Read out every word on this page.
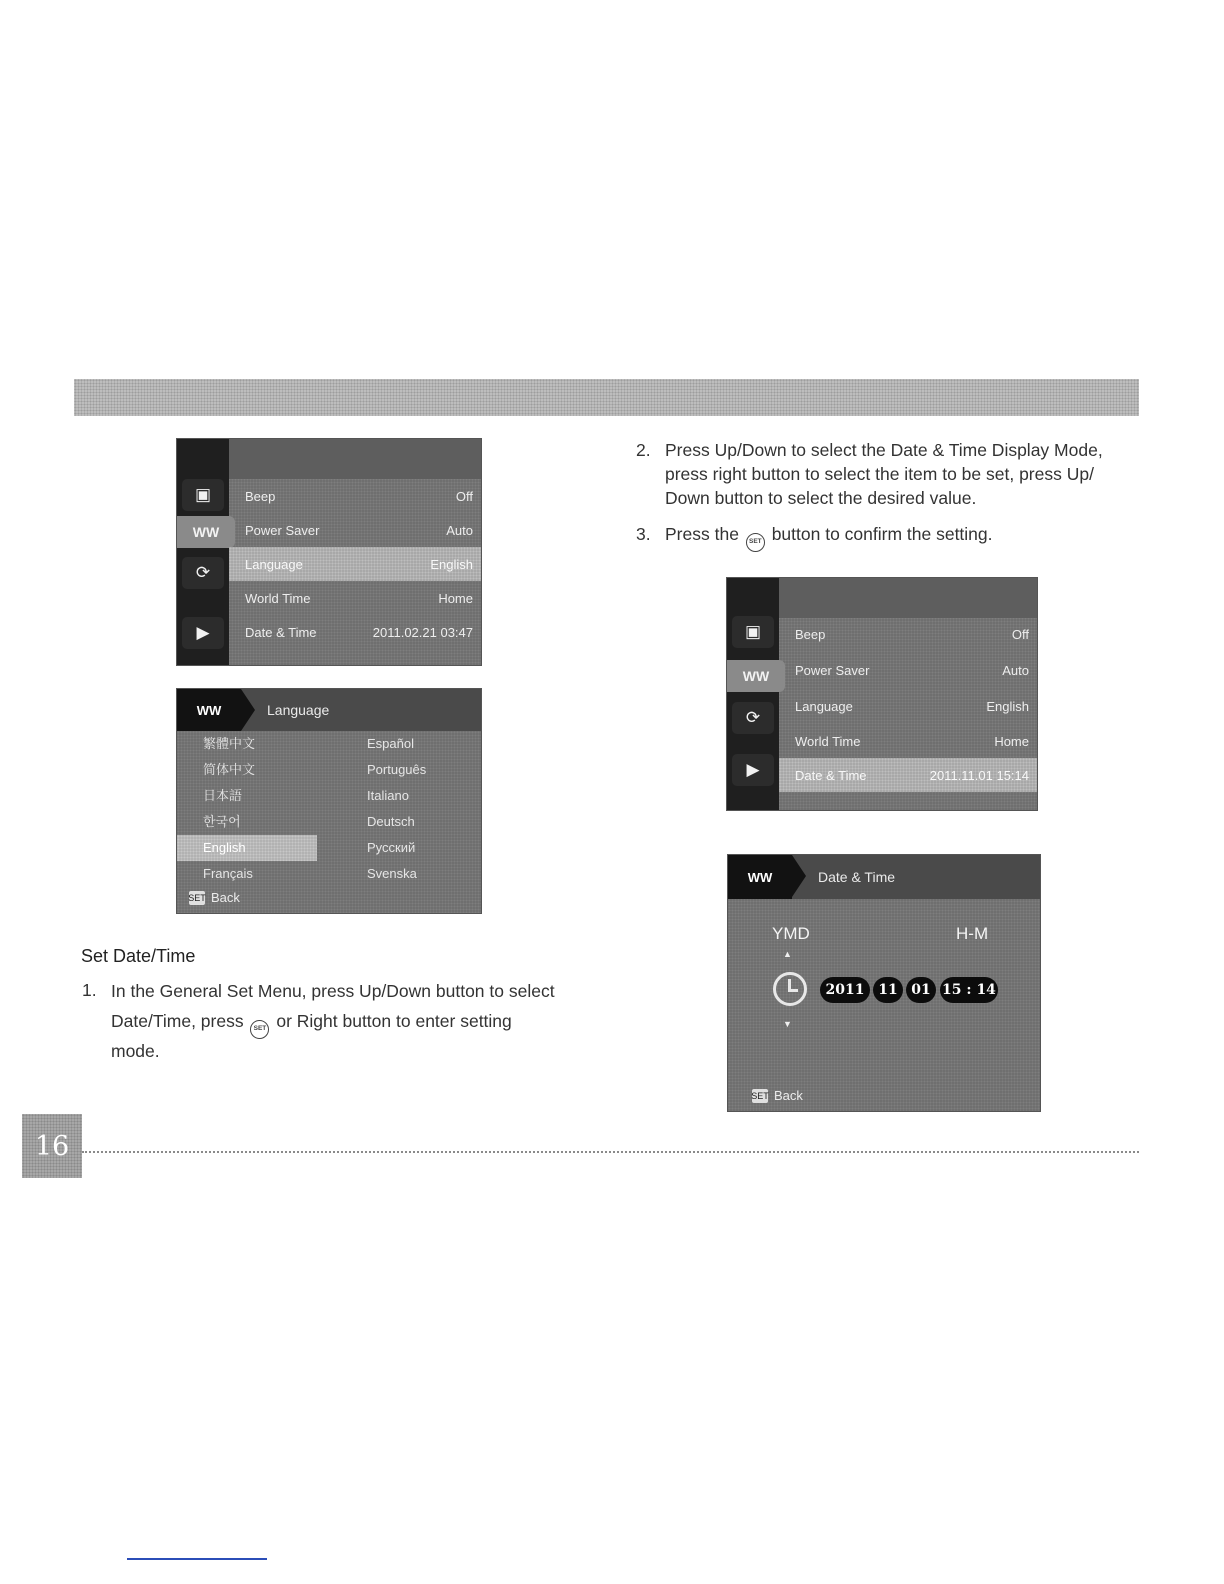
16
▣
WW
⟳
▶
Beep	Off
Power Saver	Auto
Language	English
World Time	Home
Date & Time	2011.02.21 03:47
WW	Language
繁體中文
简体中文
日本語
한국어
English
Français
Español
Português
Italiano
Deutsch
Русский
Svenska
SET Back
Set Date/Time
1. In the General Set Menu, press Up/Down button to select
Date/Time, press SET or Right button to enter setting
mode.
2. Press Up/Down to select the Date & Time Display Mode,
press right button to select the item to be set, press Up/
Down button to select the desired value.
3. Press the SET button to confirm the setting.
▣
WW
⟳
▶
Beep	Off
Power Saver	Auto
Language	English
World Time	Home
Date & Time	2011.11.01 15:14
WW	Date & Time
YMD	H-M
▲
▼
2011 11 01 15 : 14
SET Back
